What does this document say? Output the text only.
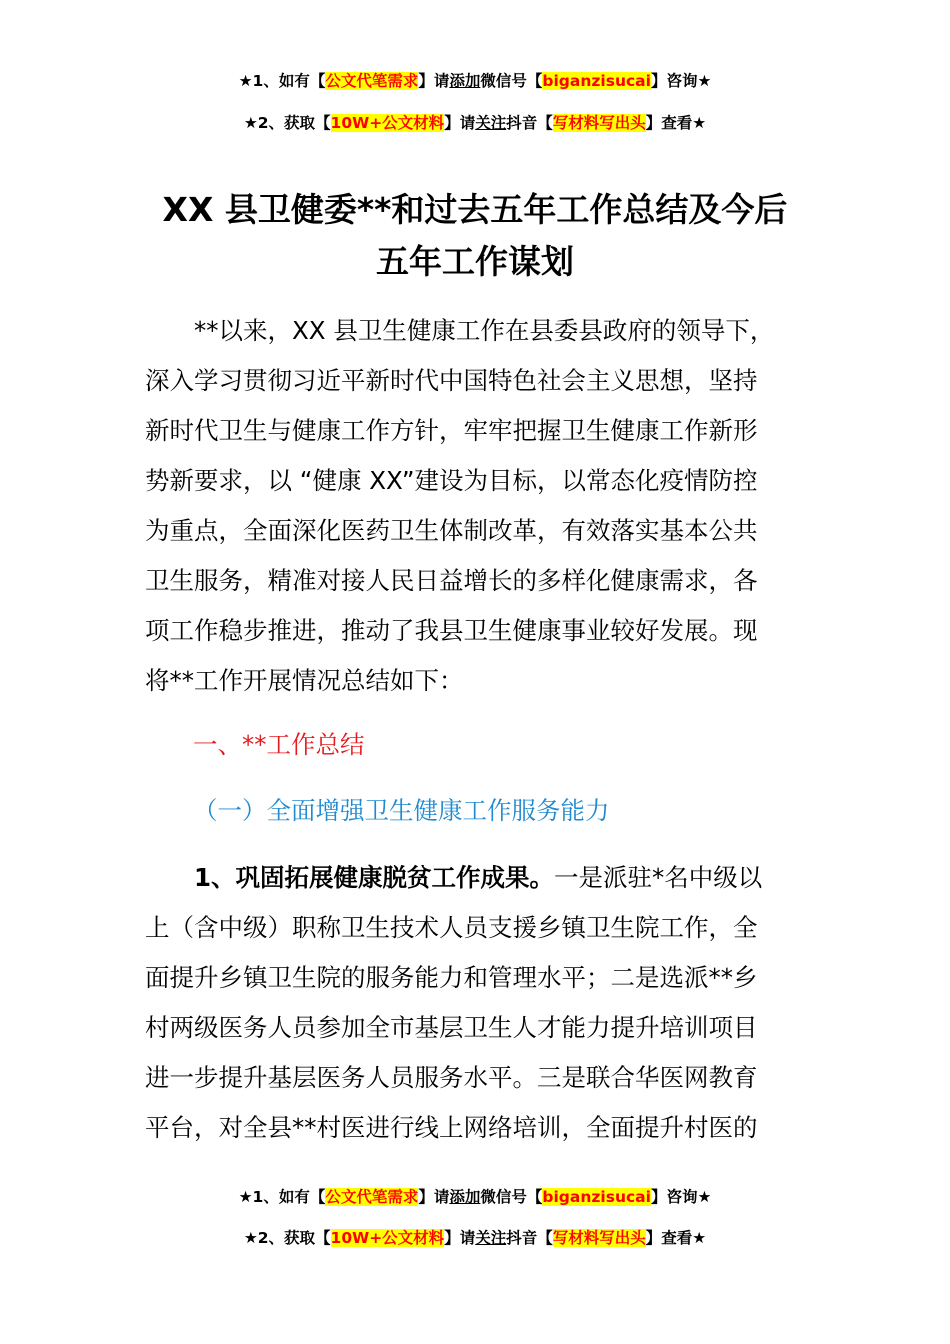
★1、如有【公文代笔需求】请添加微信号【biganzisucai】咨询★
★2、获取【10W+公文材料】请关注抖音【写材料写出头】查看★
XX 县卫健委**和过去五年工作总结及今后
五年工作谋划
　　**以来，XX 县卫生健康工作在县委县政府的领导下，
深入学习贯彻习近平新时代中国特色社会主义思想，坚持
新时代卫生与健康工作方针，牢牢把握卫生健康工作新形
势新要求，以 “健康 XX”建设为目标，以常态化疫情防控
为重点，全面深化医药卫生体制改革，有效落实基本公共
卫生服务，精准对接人民日益增长的多样化健康需求，各
项工作稳步推进，推动了我县卫生健康事业较好发展。现
将**工作开展情况总结如下：
一、**工作总结
（一）全面增强卫生健康工作服务能力
　　1、巩固拓展健康脱贫工作成果。一是派驻*名中级以
上（含中级）职称卫生技术人员支援乡镇卫生院工作，全
面提升乡镇卫生院的服务能力和管理水平；二是选派**乡
村两级医务人员参加全市基层卫生人才能力提升培训项目
进一步提升基层医务人员服务水平。三是联合华医网教育
平台，对全县**村医进行线上网络培训，全面提升村医的
★1、如有【公文代笔需求】请添加微信号【biganzisucai】咨询★
★2、获取【10W+公文材料】请关注抖音【写材料写出头】查看★
